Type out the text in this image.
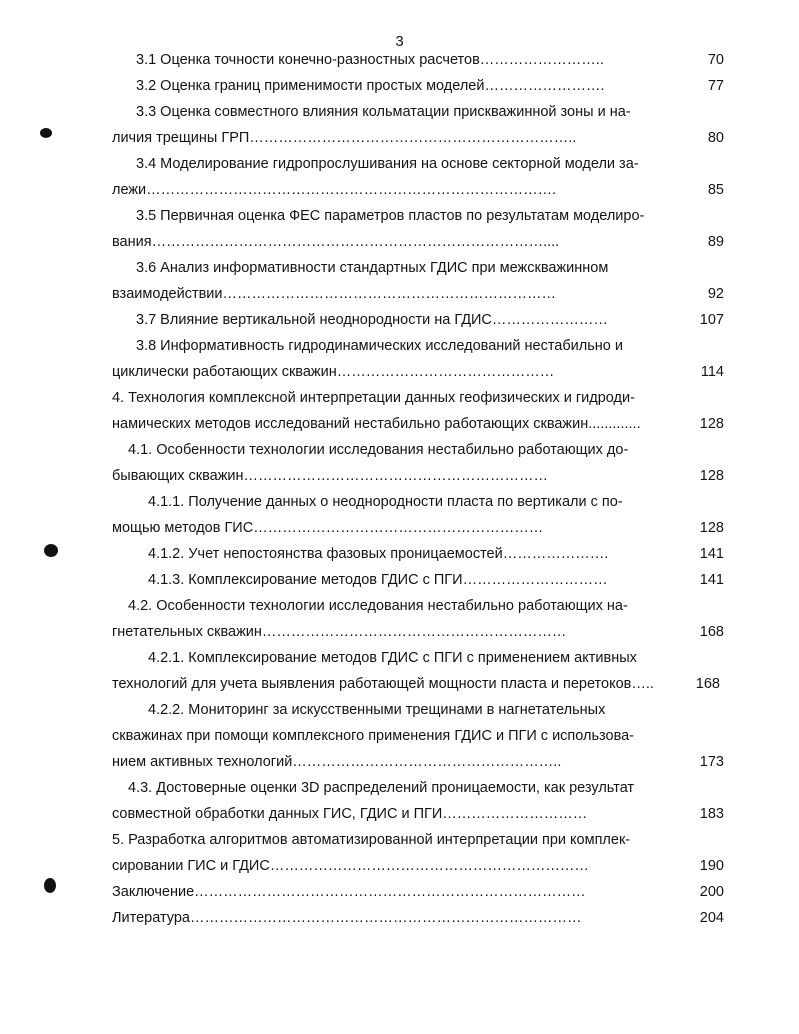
3
3.1 Оценка точности конечно-разностных расчетов……………………..	70
3.2 Оценка границ применимости простых моделей…………………….	77
3.3 Оценка совместного влияния кольматации прискважинной зоны и на-
личия трещины ГРП…………………………………………………………..	80
3.4 Моделирование гидропрослушивания на основе секторной модели за-
лежи………………………………………………………………………….	85
3.5 Первичная оценка ФЕС параметров пластов по результатам моделиро-
вания………………………………………………………………………....	89
3.6 Анализ информативности стандартных ГДИС при межскважинном
взаимодействии……………………………………………………………	92
3.7 Влияние вертикальной неоднородности на ГДИС……………………	107
3.8 Информативность гидродинамических исследований нестабильно и
циклически работающих скважин………………………………………	114
4. Технология комплексной интерпретации данных геофизических и гидроди-
намических методов исследований нестабильно работающих скважин.............	128
4.1. Особенности технологии исследования нестабильно работающих до-
бывающих скважин………………………………………………………	128
4.1.1. Получение данных о неоднородности пласта по вертикали с по-
мощью методов ГИС……………………………………………………	128
4.1.2. Учет непостоянства фазовых проницаемостей………………….	141
4.1.3. Комплексирование методов ГДИС с ПГИ…………………………	141
4.2. Особенности технологии исследования нестабильно работающих на-
гнетательных скважин………………………………………………………	168
4.2.1. Комплексирование методов ГДИС с ПГИ с применением активных
технологий для учета выявления работающей мощности пласта и перетоков…..	168
4.2.2. Мониторинг за искусственными трещинами в нагнетательных
скважинах при помощи комплексного применения ГДИС и ПГИ с использова-
нием активных технологий………………………………………………..	173
4.3. Достоверные оценки 3D распределений проницаемости, как результат
совместной обработки данных ГИС, ГДИС и ПГИ…………………………	183
5. Разработка алгоритмов автоматизированной интерпретации при комплек-
сировании ГИС и ГДИС…………………………………………………………	190
Заключение………………………………………………………………………	200
Литература………………………………………………………………………	204
